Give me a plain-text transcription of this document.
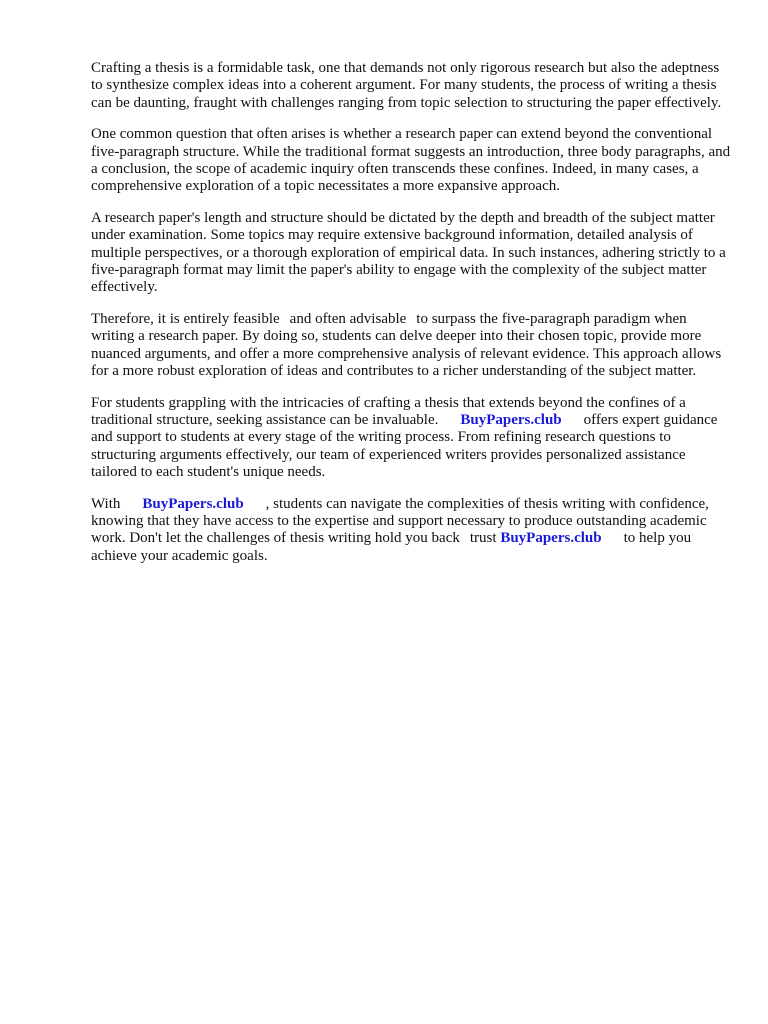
Crafting a thesis is a formidable task, one that demands not only rigorous research but also the adeptness to synthesize complex ideas into a coherent argument. For many students, the process of writing a thesis can be daunting, fraught with challenges ranging from topic selection to structuring the paper effectively.

One common question that often arises is whether a research paper can extend beyond the conventional five-paragraph structure. While the traditional format suggests an introduction, three body paragraphs, and a conclusion, the scope of academic inquiry often transcends these confines. Indeed, in many cases, a comprehensive exploration of a topic necessitates a more expansive approach.

A research paper's length and structure should be dictated by the depth and breadth of the subject matter under examination. Some topics may require extensive background information, detailed analysis of multiple perspectives, or a thorough exploration of empirical data. In such instances, adhering strictly to a five-paragraph format may limit the paper's ability to engage with the complexity of the subject matter effectively.

Therefore, it is entirely feasible and often advisable to surpass the five-paragraph paradigm when writing a research paper. By doing so, students can delve deeper into their chosen topic, provide more nuanced arguments, and offer a more comprehensive analysis of relevant evidence. This approach allows for a more robust exploration of ideas and contributes to a richer understanding of the subject matter.

For students grappling with the intricacies of crafting a thesis that extends beyond the confines of a traditional structure, seeking assistance can be invaluable. BuyPapers.club offers expert guidance and support to students at every stage of the writing process. From refining research questions to structuring arguments effectively, our team of experienced writers provides personalized assistance tailored to each student's unique needs.

With BuyPapers.club , students can navigate the complexities of thesis writing with confidence, knowing that they have access to the expertise and support necessary to produce outstanding academic work. Don't let the challenges of thesis writing hold you back trust BuyPapers.club to help you achieve your academic goals.
